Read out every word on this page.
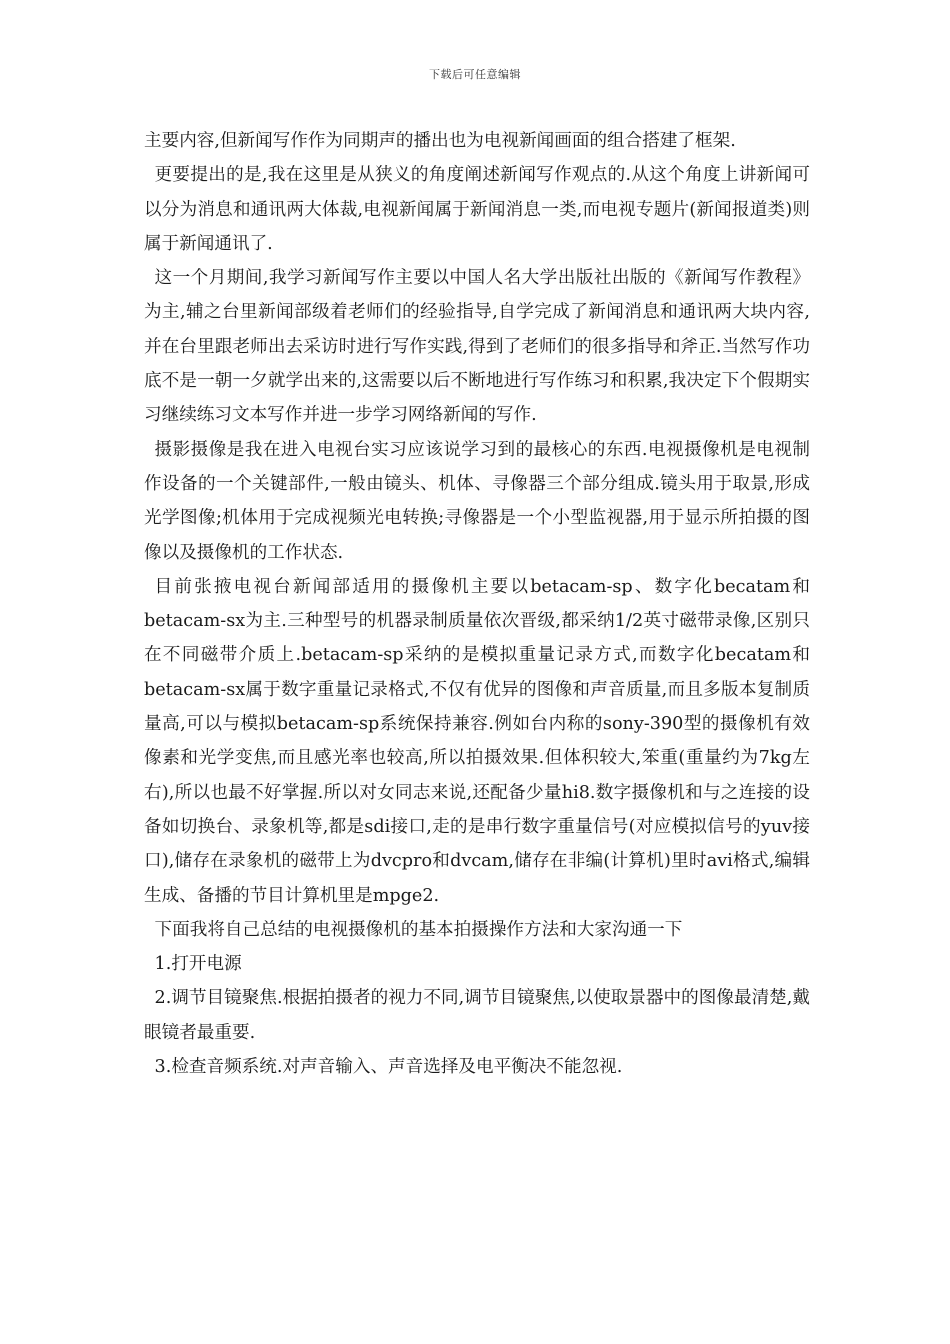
下载后可任意编辑

主要内容,但新闻写作作为同期声的播出也为电视新闻画面的组合搭建了框架.

更要提出的是,我在这里是从狭义的角度阐述新闻写作观点的.从这个角度上讲新闻可以分为消息和通讯两大体裁,电视新闻属于新闻消息一类,而电视专题片(新闻报道类)则属于新闻通讯了.

这一个月期间,我学习新闻写作主要以中国人名大学出版社出版的《新闻写作教程》为主,辅之台里新闻部级着老师们的经验指导,自学完成了新闻消息和通讯两大块内容,并在台里跟老师出去采访时进行写作实践,得到了老师们的很多指导和斧正.当然写作功底不是一朝一夕就学出来的,这需要以后不断地进行写作练习和积累,我决定下个假期实习继续练习文本写作并进一步学习网络新闻的写作.

摄影摄像是我在进入电视台实习应该说学习到的最核心的东西.电视摄像机是电视制作设备的一个关键部件,一般由镜头、机体、寻像器三个部分组成.镜头用于取景,形成光学图像;机体用于完成视频光电转换;寻像器是一个小型监视器,用于显示所拍摄的图像以及摄像机的工作状态.

目前张掖电视台新闻部适用的摄像机主要以betacam-sp、数字化becatam和betacam-sx为主.三种型号的机器录制质量依次晋级,都采纳1/2英寸磁带录像,区别只在不同磁带介质上.betacam-sp采纳的是模拟重量记录方式,而数字化becatam和betacam-sx属于数字重量记录格式,不仅有优异的图像和声音质量,而且多版本复制质量高,可以与模拟betacam-sp系统保持兼容.例如台内称的sony-390型的摄像机有效像素和光学变焦,而且感光率也较高,所以拍摄效果.但体积较大,笨重(重量约为7kg左右),所以也最不好掌握.所以对女同志来说,还配备少量hi8.数字摄像机和与之连接的设备如切换台、录象机等,都是sdi接口,走的是串行数字重量信号(对应模拟信号的yuv接口),储存在录象机的磁带上为dvcpro和dvcam,储存在非编(计算机)里时avi格式,编辑生成、备播的节目计算机里是mpge2.

下面我将自己总结的电视摄像机的基本拍摄操作方法和大家沟通一下

1.打开电源

2.调节目镜聚焦.根据拍摄者的视力不同,调节目镜聚焦,以使取景器中的图像最清楚,戴眼镜者最重要.

3.检查音频系统.对声音输入、声音选择及电平衡决不能忽视.
